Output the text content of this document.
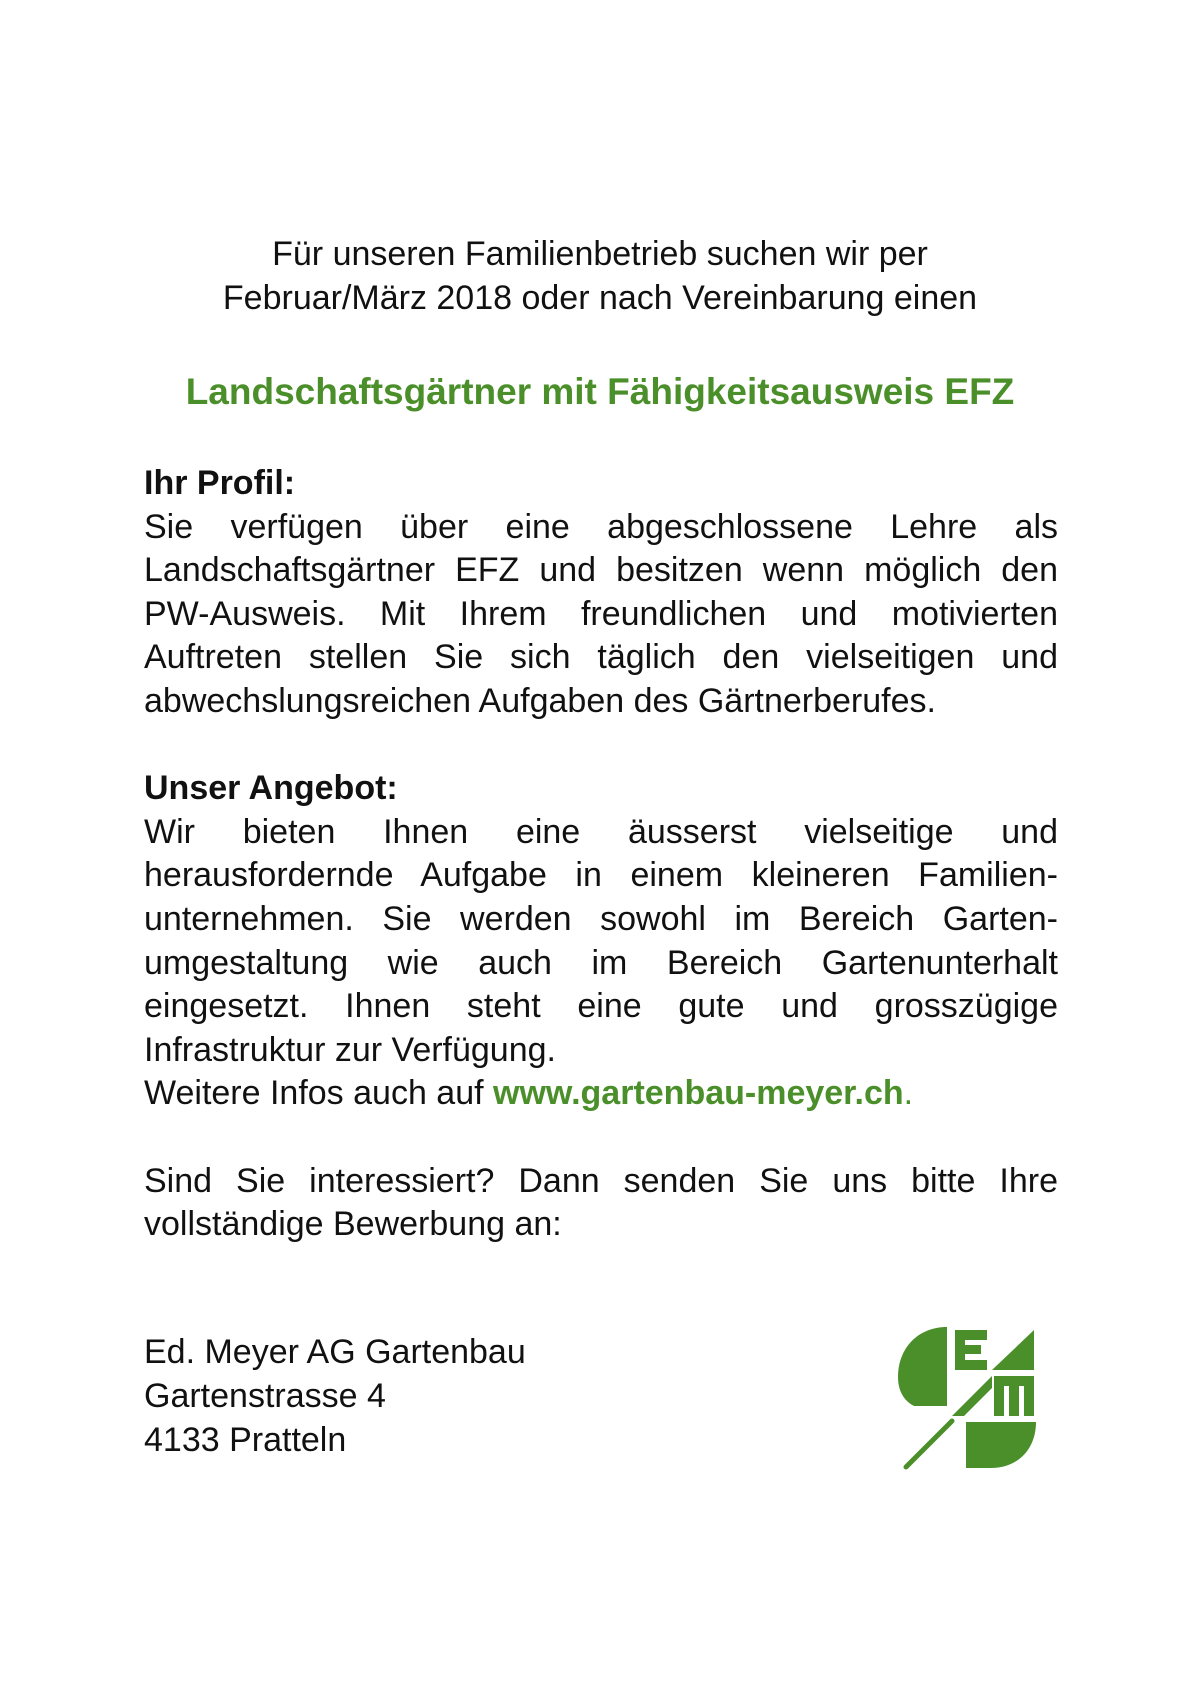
Für unseren Familienbetrieb suchen wir per
Februar/März 2018 oder nach Vereinbarung einen
Landschaftsgärtner mit Fähigkeitsausweis EFZ
Ihr Profil:
Sie verfügen über eine abgeschlossene Lehre als Landschaftsgärtner EFZ und besitzen wenn möglich den PW-Ausweis. Mit Ihrem freundlichen und motivierten Auftreten stellen Sie sich täglich den vielseitigen und abwechslungsreichen Aufgaben des Gärtnerberufes.
Unser Angebot:
Wir bieten Ihnen eine äusserst vielseitige und herausfordernde Aufgabe in einem kleineren Familienunternehmen. Sie werden sowohl im Bereich Gartenumgestaltung wie auch im Bereich Gartenunterhalt eingesetzt. Ihnen steht eine gute und grosszügige Infrastruktur zur Verfügung.
Weitere Infos auch auf www.gartenbau-meyer.ch.
Sind Sie interessiert? Dann senden Sie uns bitte Ihre vollständige Bewerbung an:
Ed. Meyer AG Gartenbau
Gartenstrasse 4
4133 Pratteln
